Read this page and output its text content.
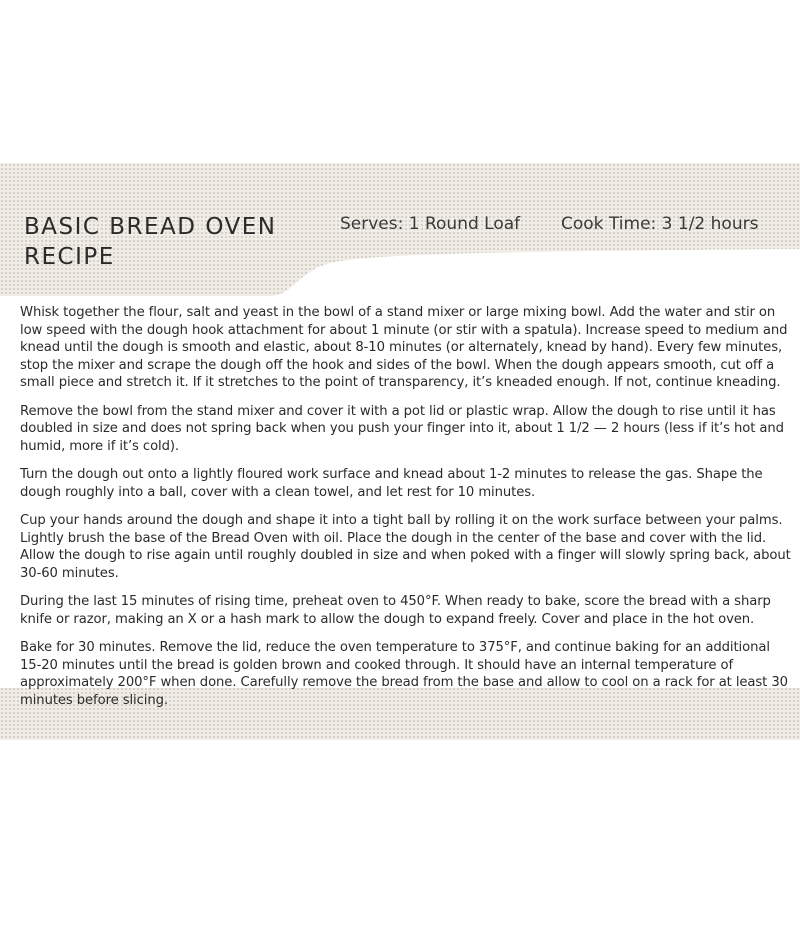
BASIC BREAD OVEN RECIPE
Serves: 1 Round Loaf Cook Time: 3 1/2 hours
Whisk together the flour, salt and yeast in the bowl of a stand mixer or large mixing bowl. Add the water and stir on low speed with the dough hook attachment for about 1 minute (or stir with a spatula). Increase speed to medium and knead until the dough is smooth and elastic, about 8-10 minutes (or alternately, knead by hand). Every few minutes, stop the mixer and scrape the dough off the hook and sides of the bowl. When the dough appears smooth, cut off a small piece and stretch it. If it stretches to the point of transparency, it’s kneaded enough. If not, continue kneading.
Remove the bowl from the stand mixer and cover it with a pot lid or plastic wrap. Allow the dough to rise until it has doubled in size and does not spring back when you push your finger into it, about 1 1/2 — 2 hours (less if it’s hot and humid, more if it’s cold).
Turn the dough out onto a lightly floured work surface and knead about 1-2 minutes to release the gas. Shape the dough roughly into a ball, cover with a clean towel, and let rest for 10 minutes.
Cup your hands around the dough and shape it into a tight ball by rolling it on the work surface between your palms. Lightly brush the base of the Bread Oven with oil. Place the dough in the center of the base and cover with the lid. Allow the dough to rise again until roughly doubled in size and when poked with a finger will slowly spring back, about 30-60 minutes.
During the last 15 minutes of rising time, preheat oven to 450°F. When ready to bake, score the bread with a sharp knife or razor, making an X or a hash mark to allow the dough to expand freely. Cover and place in the hot oven.
Bake for 30 minutes. Remove the lid, reduce the oven temperature to 375°F, and continue baking for an additional 15-20 minutes until the bread is golden brown and cooked through. It should have an internal temperature of approximately 200°F when done. Carefully remove the bread from the base and allow to cool on a rack for at least 30 minutes before slicing.
